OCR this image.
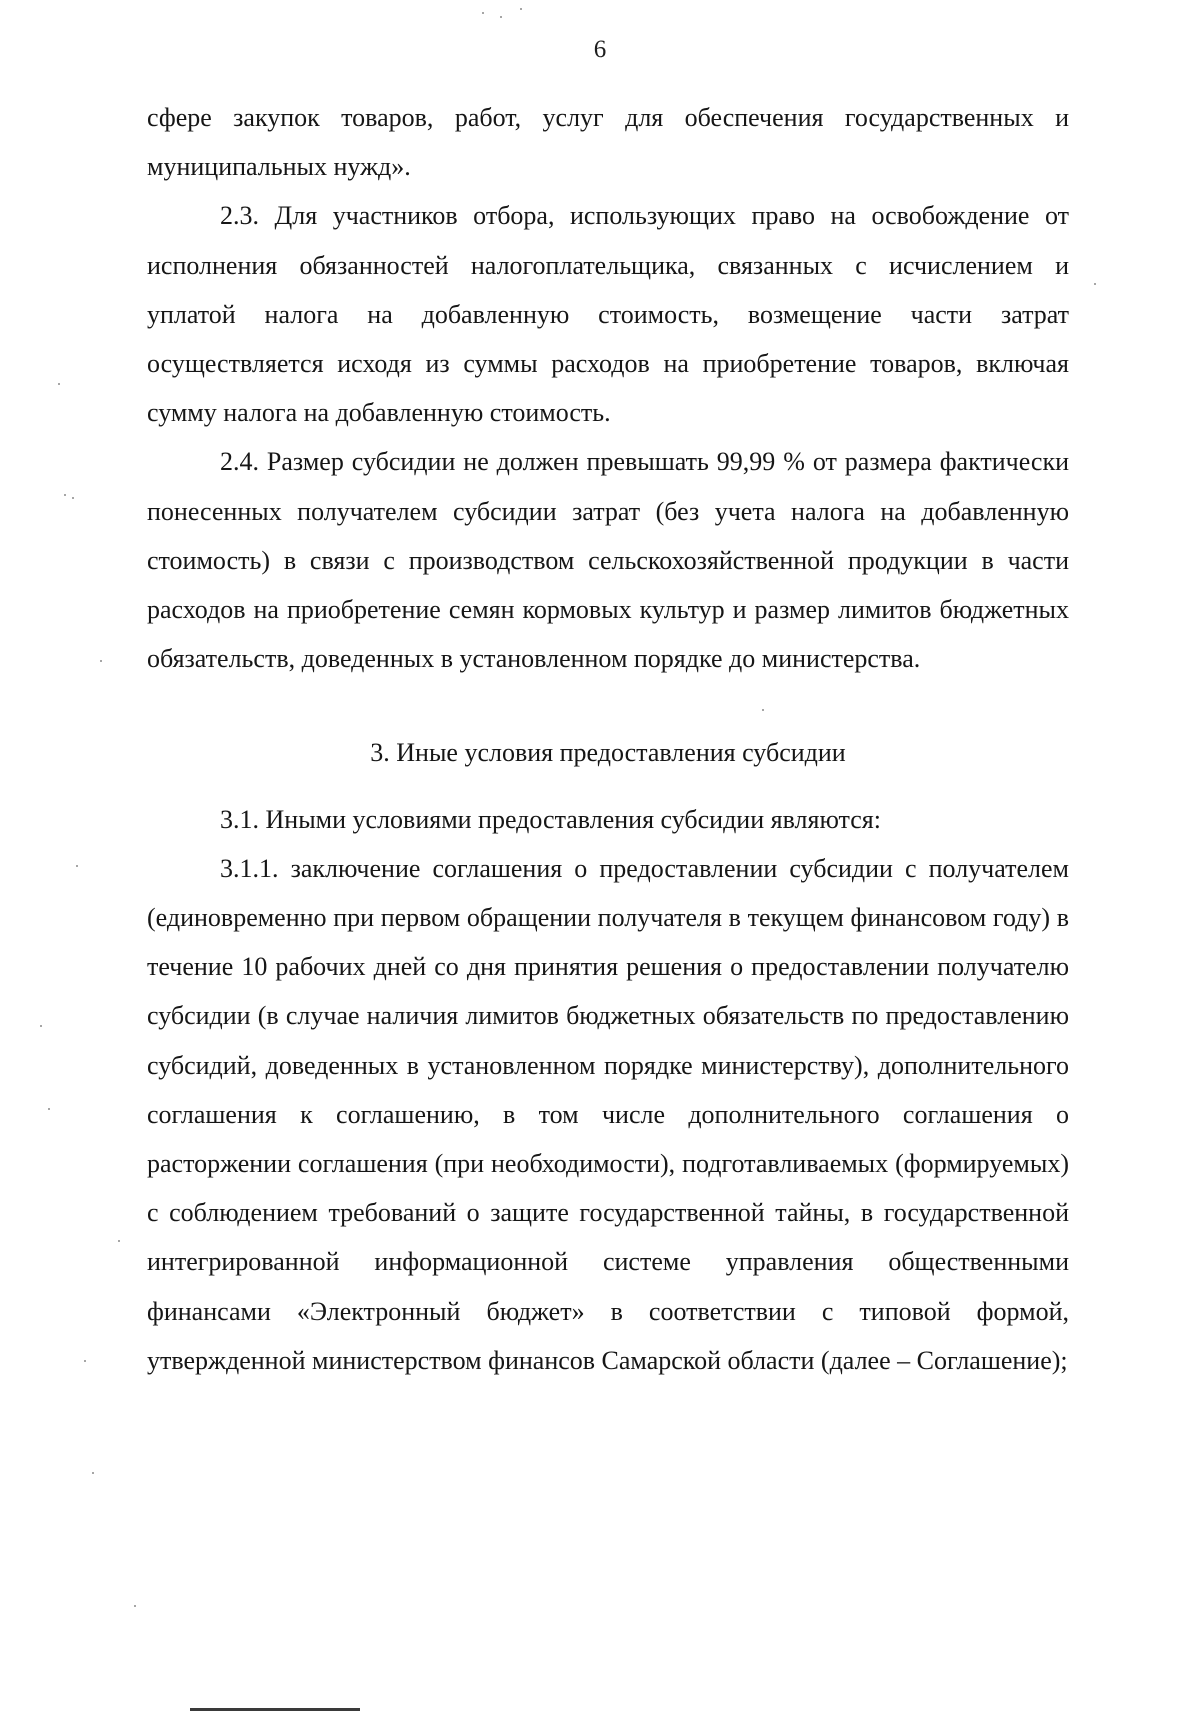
6

сфере закупок товаров, работ, услуг для обеспечения государственных и муниципальных нужд».

2.3. Для участников отбора, использующих право на освобождение от исполнения обязанностей налогоплательщика, связанных с исчислением и уплатой налога на добавленную стоимость, возмещение части затрат осуществляется исходя из суммы расходов на приобретение товаров, включая сумму налога на добавленную стоимость.

2.4. Размер субсидии не должен превышать 99,99 % от размера фактически понесенных получателем субсидии затрат (без учета налога на добавленную стоимость) в связи с производством сельскохозяйственной продукции в части расходов на приобретение семян кормовых культур и размер лимитов бюджетных обязательств, доведенных в установленном порядке до министерства.

3. Иные условия предоставления субсидии

3.1. Иными условиями предоставления субсидии являются:

3.1.1. заключение соглашения о предоставлении субсидии с получателем (единовременно при первом обращении получателя в текущем финансовом году) в течение 10 рабочих дней со дня принятия решения о предоставлении получателю субсидии (в случае наличия лимитов бюджетных обязательств по предоставлению субсидий, доведенных в установленном порядке министерству), дополнительного соглашения к соглашению, в том числе дополнительного соглашения о расторжении соглашения (при необходимости), подготавливаемых (формируемых) с соблюдением требований о защите государственной тайны, в государственной интегрированной информационной системе управления общественными финансами «Электронный бюджет» в соответствии с типовой формой, утвержденной министерством финансов Самарской области (далее – Соглашение);
